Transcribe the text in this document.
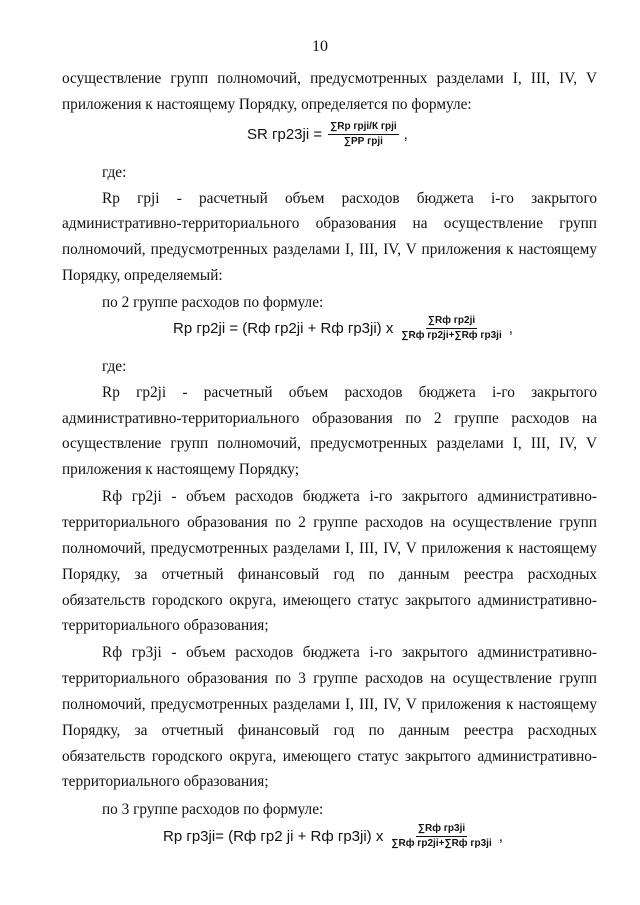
10

осуществление групп полномочий, предусмотренных разделами I, III, IV, V

приложения к настоящему Порядку, определяется по формуле:

SR $гр23ji = \frac{\text{∑Rр грji/К грji}}{\text{∑РР грji}}$ ,

где:

Rр грji - расчетный объем расходов бюджета i-го закрытого

административно-территориального образования на осуществление групп

полномочий, предусмотренных разделами I, III, IV, V приложения к настоящему

Порядку, определяемый:

по 2 группе расходов по формуле:

Rр гр2ji = (Rф гр2ji + Rф гр3ji) x $\frac{\text{∑Rф гр2ji}}{\text{∑Rф гр2ji+∑Rф гр3ji}}$ ,

где:

Rр гр2ji - расчетный объем расходов бюджета i-го закрытого

административно-территориального образования по 2 группе расходов на

осуществление групп полномочий, предусмотренных разделами I, III, IV, V

приложения к настоящему Порядку;

Rф гр2ji - объем расходов бюджета i-го закрытого административно-

территориального образования по 2 группе расходов на осуществление групп

полномочий, предусмотренных разделами I, III, IV, V приложения к настоящему

Порядку, за отчетный финансовый год по данным реестра расходных

обязательств городского округа, имеющего статус закрытого административно-

территориального образования;

Rф гр3ji - объем расходов бюджета i-го закрытого административно-

территориального образования по 3 группе расходов на осуществление групп

полномочий, предусмотренных разделами I, III, IV, V приложения к настоящему

Порядку, за отчетный финансовый год по данным реестра расходных

обязательств городского округа, имеющего статус закрытого административно-

территориального образования;

по 3 группе расходов по формуле:

Rр гр3ji= (Rф гр2 ji + Rф гр3ji) x $\frac{\text{∑Rф гр3ji}}{\text{∑Rф гр2ji+∑Rф гр3ji}}$ ,
